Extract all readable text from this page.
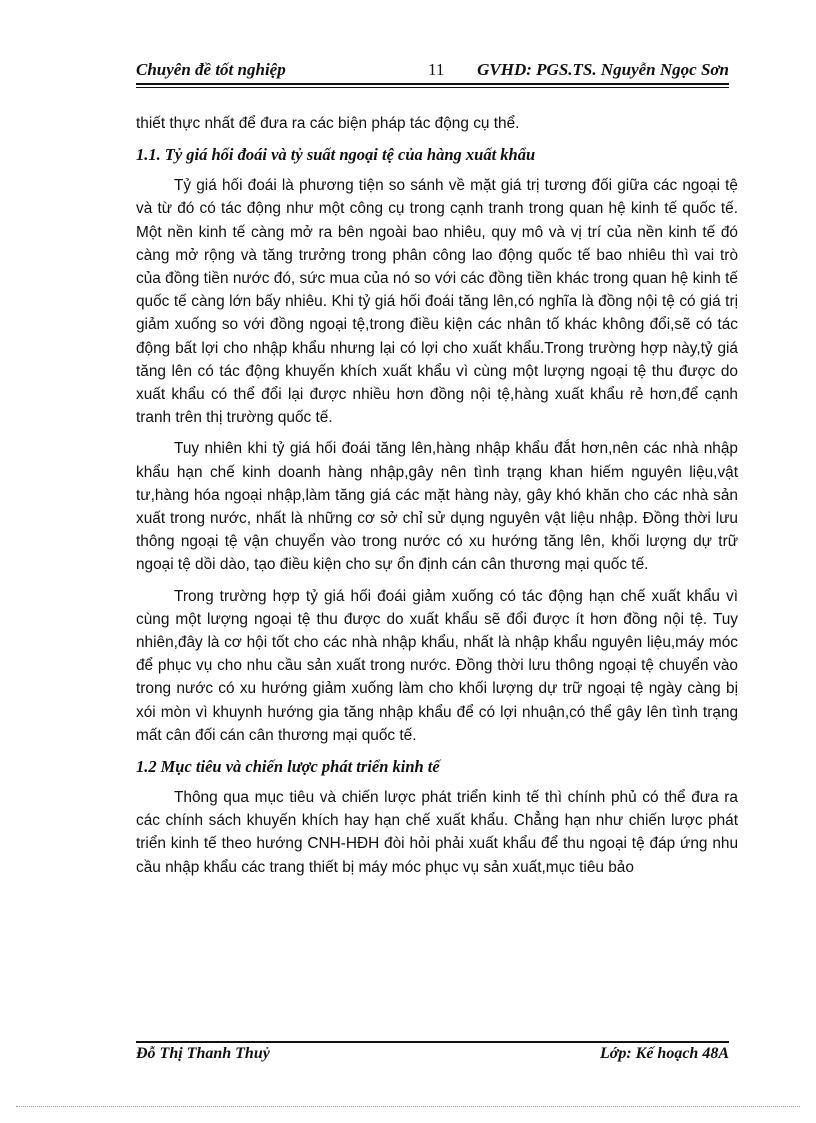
Chuyên đề tốt nghiệp	11 GVHD: PGS.TS. Nguyễn Ngọc Sơn

thiết thực nhất để đưa ra các biện pháp tác động cụ thể.

1.1. Tỷ giá hối đoái và tỷ suất ngoại tệ của hàng xuất khẩu

Tỷ giá hối đoái là phương tiện so sánh về mặt giá trị tương đối giữa các ngoại tệ và từ đó có tác động như một công cụ trong cạnh tranh trong quan hệ kinh tế quốc tế. Một nền kinh tế càng mở ra bên ngoài bao nhiêu, quy mô và vị trí của nền kinh tế đó càng mở rộng và tăng trưởng trong phân công lao động quốc tế bao nhiêu thì vai trò của đồng tiền nước đó, sức mua của nó so với các đồng tiền khác trong quan hệ kinh tế quốc tế càng lớn bấy nhiêu. Khi tỷ giá hối đoái tăng lên,có nghĩa là đồng nội tệ có giá trị giảm xuống so với đồng ngoại tệ,trong điều kiện các nhân tố khác không đổi,sẽ có tác động bất lợi cho nhập khẩu nhưng lại có lợi cho xuất khẩu.Trong trường hợp này,tỷ giá tăng lên có tác động khuyến khích xuất khẩu vì cùng một lượng ngoại tệ thu được do xuất khẩu có thể đổi lại được nhiều hơn đồng nội tệ,hàng xuất khẩu rẻ hơn,để cạnh tranh trên thị trường quốc tế.

Tuy nhiên khi tỷ giá hối đoái tăng lên,hàng nhập khẩu đắt hơn,nên các nhà nhập khẩu hạn chế kinh doanh hàng nhập,gây nên tình trạng khan hiếm nguyên liệu,vật tư,hàng hóa ngoại nhập,làm tăng giá các mặt hàng này, gây khó khăn cho các nhà sản xuất trong nước, nhất là những cơ sở chỉ sử dụng nguyên vật liệu nhập. Đồng thời lưu thông ngoại tệ vận chuyển vào trong nước có xu hướng tăng lên, khối lượng dự trữ ngoại tệ dồi dào, tạo điều kiện cho sự ổn định cán cân thương mại quốc tế.

Trong trường hợp tỷ giá hối đoái giảm xuống có tác động hạn chế xuất khẩu vì cùng một lượng ngoại tệ thu được do xuất khẩu sẽ đổi được ít hơn đồng nội tệ. Tuy nhiên,đây là cơ hội tốt cho các nhà nhập khẩu, nhất là nhập khẩu nguyên liệu,máy móc để phục vụ cho nhu cầu sản xuất trong nước. Đồng thời lưu thông ngoại tệ chuyển vào trong nước có xu hướng giảm xuống làm cho khối lượng dự trữ ngoại tệ ngày càng bị xói mòn vì khuynh hướng gia tăng nhập khẩu để có lợi nhuận,có thể gây lên tình trạng mất cân đối cán cân thương mại quốc tế.

1.2 Mục tiêu và chiến lược phát triển kinh tế

Thông qua mục tiêu và chiến lược phát triển kinh tế thì chính phủ có thể đưa ra các chính sách khuyến khích hay hạn chế xuất khẩu. Chẳng hạn như chiến lược phát triển kinh tế theo hướng CNH-HĐH đòi hỏi phải xuất khẩu để thu ngoại tệ đáp ứng nhu cầu nhập khẩu các trang thiết bị máy móc phục vụ sản xuất,mục tiêu bảo

Đỗ Thị Thanh Thuỷ	Lớp: Kế hoạch 48A
